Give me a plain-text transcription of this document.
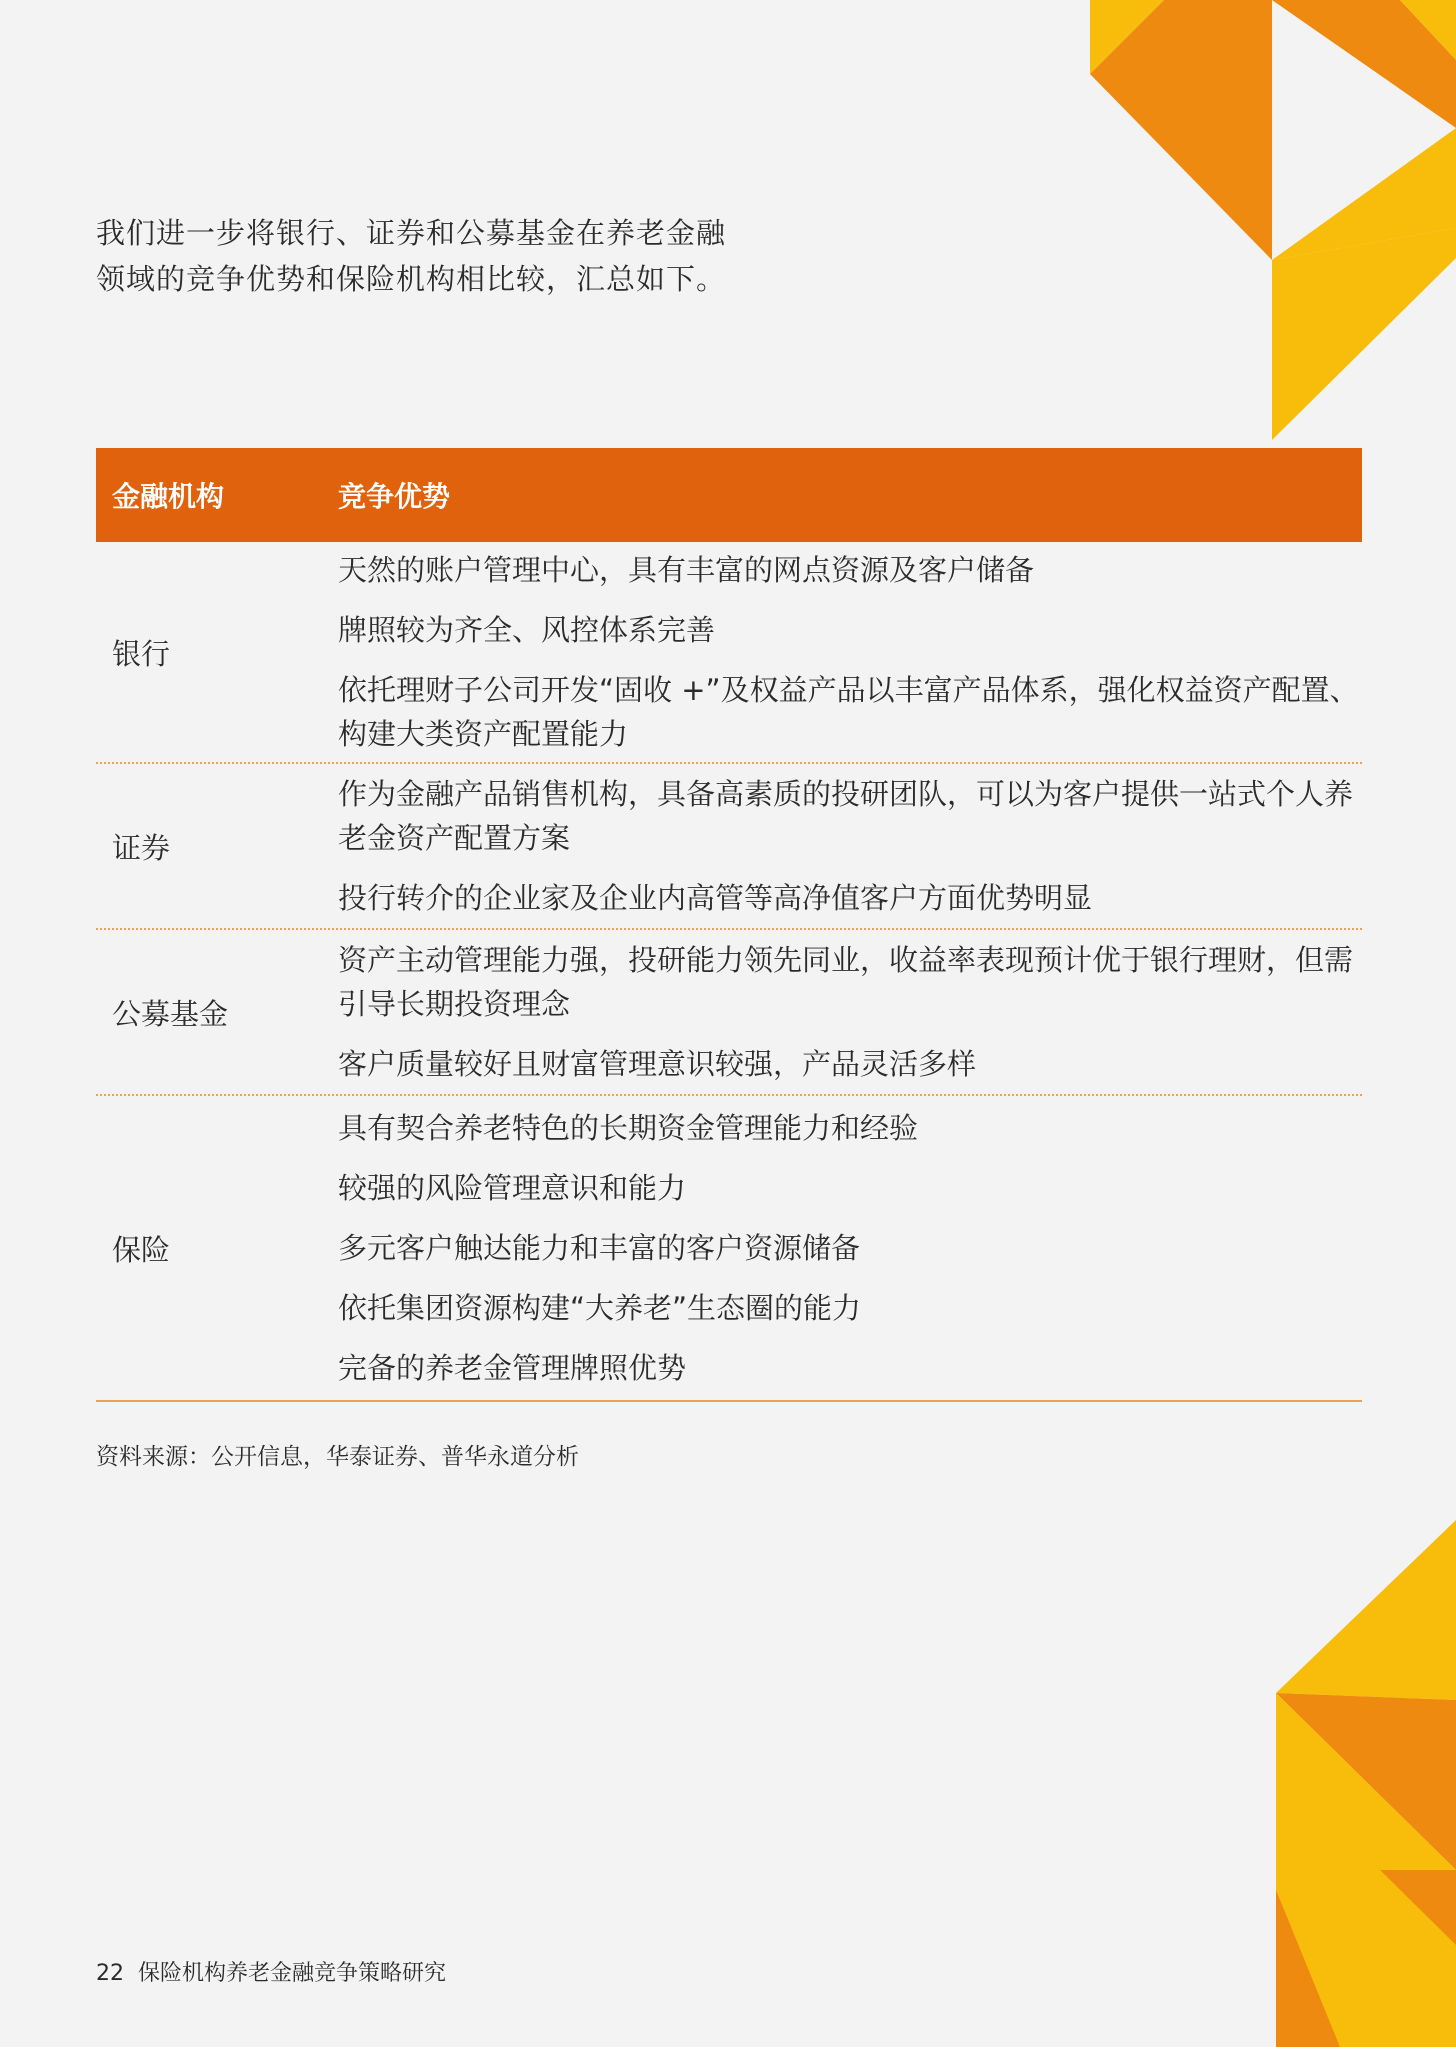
我们进一步将银行、证券和公募基金在养老金融领域的竞争优势和保险机构相比较，汇总如下。

金融机构	竞争优势
银行

天然的账户管理中心，具有丰富的网点资源及客户储备

牌照较为齐全、风控体系完善

依托理财子公司开发“固收 +”及权益产品以丰富产品体系，强化权益资产配置、构建大类资产配置能力

证券

作为金融产品销售机构，具备高素质的投研团队，可以为客户提供一站式个人养老金资产配置方案

投行转介的企业家及企业内高管等高净值客户方面优势明显

公募基金

资产主动管理能力强，投研能力领先同业，收益率表现预计优于银行理财，但需引导长期投资理念

客户质量较好且财富管理意识较强，产品灵活多样

保险

具有契合养老特色的长期资金管理能力和经验

较强的风险管理意识和能力

多元客户触达能力和丰富的客户资源储备

依托集团资源构建“大养老”生态圈的能力

完备的养老金管理牌照优势

资料来源：公开信息，华泰证券、普华永道分析

22 保险机构养老金融竞争策略研究
